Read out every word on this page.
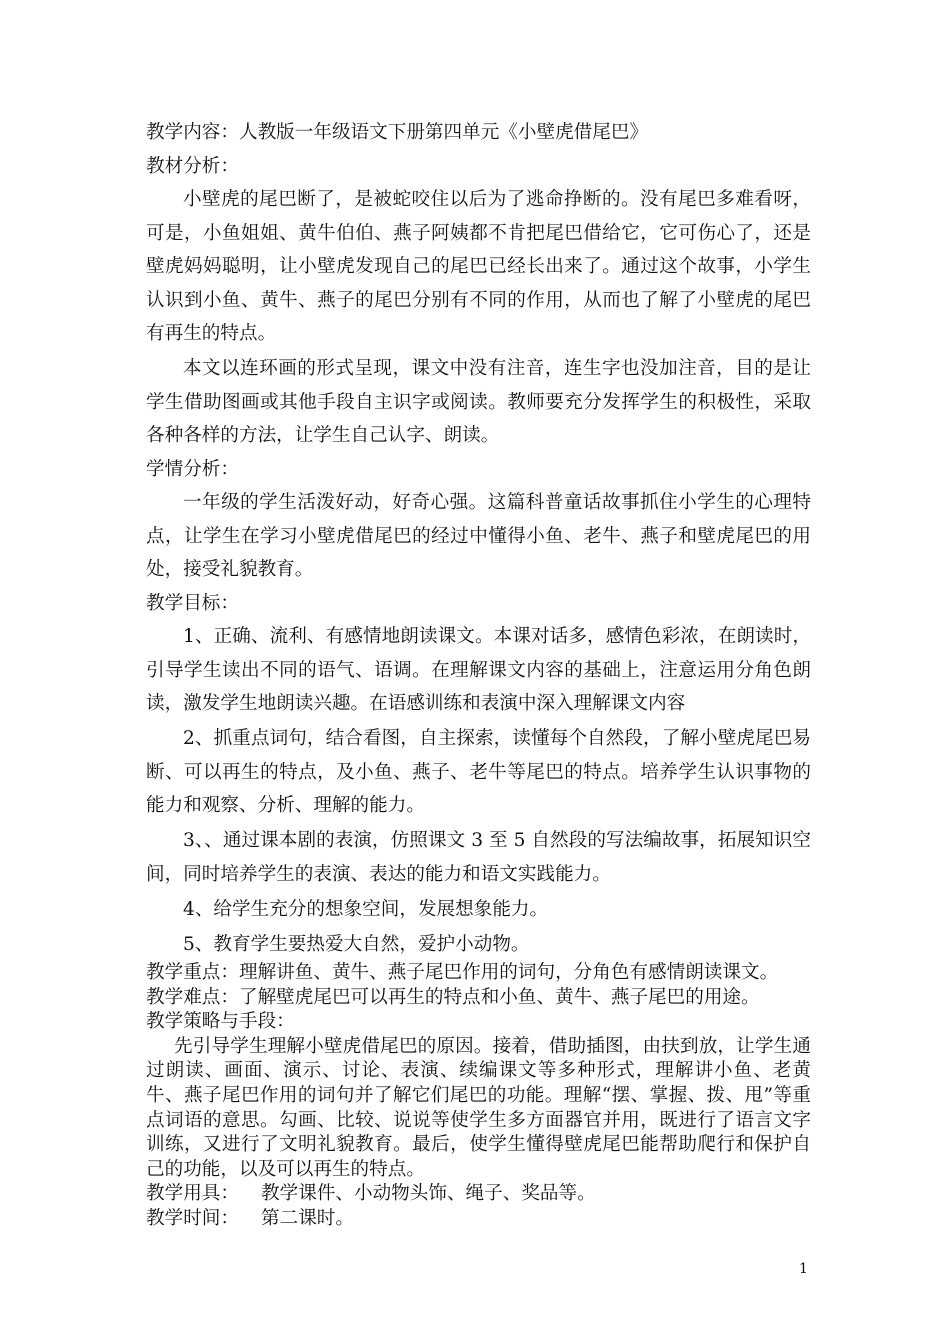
教学内容：人教版一年级语文下册第四单元《小壁虎借尾巴》

教材分析：

小壁虎的尾巴断了，是被蛇咬住以后为了逃命挣断的。没有尾巴多难看呀，可是，小鱼姐姐、黄牛伯伯、燕子阿姨都不肯把尾巴借给它，它可伤心了，还是壁虎妈妈聪明，让小壁虎发现自己的尾巴已经长出来了。通过这个故事，小学生认识到小鱼、黄牛、燕子的尾巴分别有不同的作用，从而也了解了小壁虎的尾巴有再生的特点。

本文以连环画的形式呈现，课文中没有注音，连生字也没加注音，目的是让学生借助图画或其他手段自主识字或阅读。教师要充分发挥学生的积极性，采取各种各样的方法，让学生自己认字、朗读。

学情分析：

一年级的学生活泼好动，好奇心强。这篇科普童话故事抓住小学生的心理特点，让学生在学习小壁虎借尾巴的经过中懂得小鱼、老牛、燕子和壁虎尾巴的用处，接受礼貌教育。

教学目标：

1、正确、流利、有感情地朗读课文。本课对话多，感情色彩浓，在朗读时，引导学生读出不同的语气、语调。在理解课文内容的基础上，注意运用分角色朗读，激发学生地朗读兴趣。在语感训练和表演中深入理解课文内容

2、抓重点词句，结合看图，自主探索，读懂每个自然段，了解小壁虎尾巴易断、可以再生的特点，及小鱼、燕子、老牛等尾巴的特点。培养学生认识事物的能力和观察、分析、理解的能力。

3、、通过课本剧的表演，仿照课文 3 至 5 自然段的写法编故事，拓展知识空间，同时培养学生的表演、表达的能力和语文实践能力。

4、给学生充分的想象空间，发展想象能力。

5、教育学生要热爱大自然，爱护小动物。

教学重点：理解讲鱼、黄牛、燕子尾巴作用的词句，分角色有感情朗读课文。

教学难点：了解壁虎尾巴可以再生的特点和小鱼、黄牛、燕子尾巴的用途。

教学策略与手段：

先引导学生理解小壁虎借尾巴的原因。接着，借助插图，由扶到放，让学生通过朗读、画面、演示、讨论、表演、续编课文等多种形式，理解讲小鱼、老黄牛、燕子尾巴作用的词句并了解它们尾巴的功能。理解“摆、掌握、拨、甩”等重点词语的意思。勾画、比较、说说等使学生多方面器官并用，既进行了语言文字训练，又进行了文明礼貌教育。最后，使学生懂得壁虎尾巴能帮助爬行和保护自己的功能，以及可以再生的特点。

教学用具：	教学课件、小动物头饰、绳子、奖品等。
教学时间：	第二课时。
1
